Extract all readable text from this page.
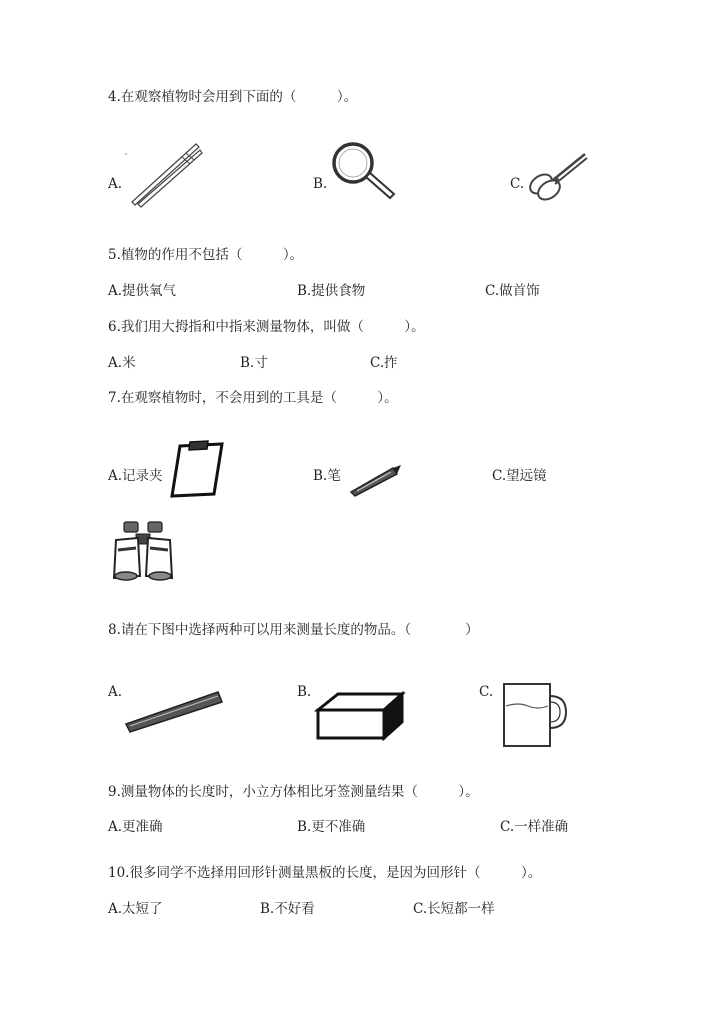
4.在观察植物时会用到下面的（　　　）。
A.	B.	C.
5.植物的作用不包括（　　　）。
A.提供氧气	B.提供食物	C.做首饰
6.我们用大拇指和中指来测量物体，叫做（　　　）。
A.米	B.寸	C.拃
7.在观察植物时，不会用到的工具是（　　　）。
A.记录夹	B.笔	C.望远镜
8.请在下图中选择两种可以用来测量长度的物品。（　　　　）
A.	B.	C.
9.测量物体的长度时，小立方体相比牙签测量结果（　　　）。
A.更准确	B.更不准确	C.一样准确
10.很多同学不选择用回形针测量黑板的长度，是因为回形针（　　　）。
A.太短了	B.不好看	C.长短都一样
